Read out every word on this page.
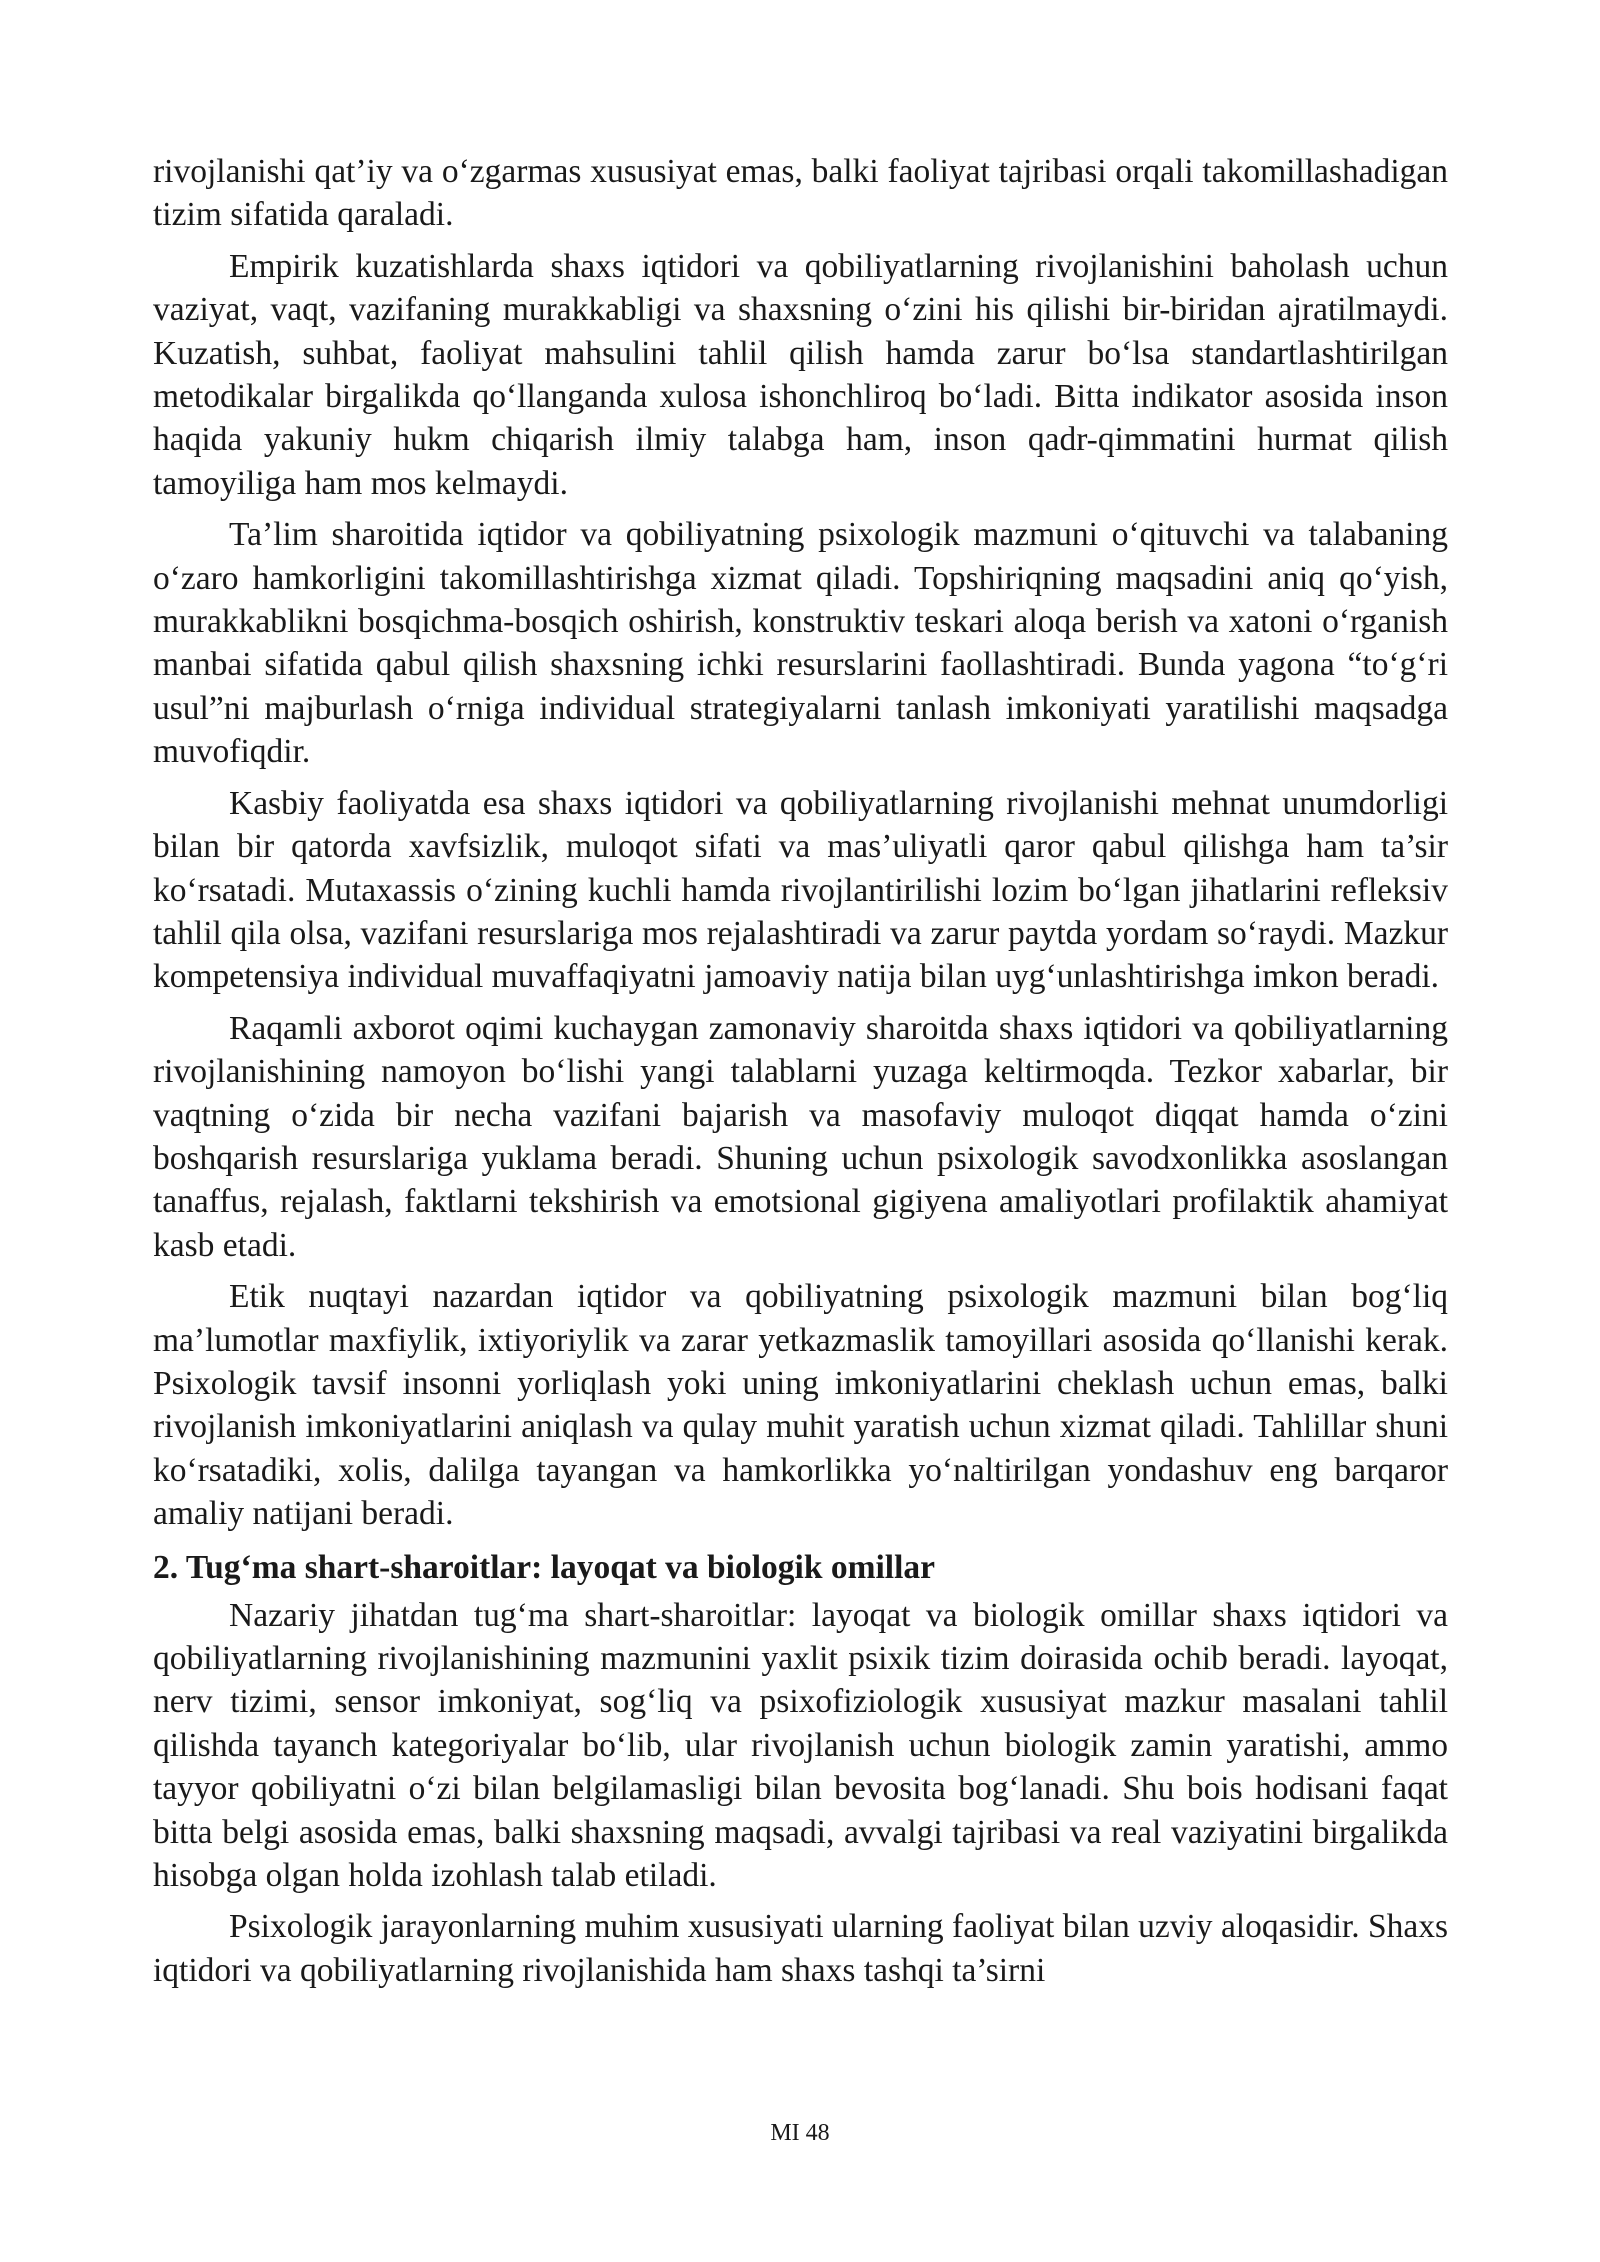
rivojlanishi qat’iy va o‘zgarmas xususiyat emas, balki faoliyat tajribasi orqali takomillashadigan tizim sifatida qaraladi.

Empirik kuzatishlarda shaxs iqtidori va qobiliyatlarning rivojlanishini baholash uchun vaziyat, vaqt, vazifaning murakkabligi va shaxsning o‘zini his qilishi bir-biridan ajratilmaydi. Kuzatish, suhbat, faoliyat mahsulini tahlil qilish hamda zarur bo‘lsa standartlashtirilgan metodikalar birgalikda qo‘llanganda xulosa ishonchliroq bo‘ladi. Bitta indikator asosida inson haqida yakuniy hukm chiqarish ilmiy talabga ham, inson qadr-qimmatini hurmat qilish tamoyiliga ham mos kelmaydi.

Ta’lim sharoitida iqtidor va qobiliyatning psixologik mazmuni o‘qituvchi va talabaning o‘zaro hamkorligini takomillashtirishga xizmat qiladi. Topshiriqning maqsadini aniq qo‘yish, murakkablikni bosqichma-bosqich oshirish, konstruktiv teskari aloqa berish va xatoni o‘rganish manbai sifatida qabul qilish shaxsning ichki resurslarini faollashtiradi. Bunda yagona “to‘g‘ri usul”ni majburlash o‘rniga individual strategiyalarni tanlash imkoniyati yaratilishi maqsadga muvofiqdir.

Kasbiy faoliyatda esa shaxs iqtidori va qobiliyatlarning rivojlanishi mehnat unumdorligi bilan bir qatorda xavfsizlik, muloqot sifati va mas’uliyatli qaror qabul qilishga ham ta’sir ko‘rsatadi. Mutaxassis o‘zining kuchli hamda rivojlantirilishi lozim bo‘lgan jihatlarini refleksiv tahlil qila olsa, vazifani resurslariga mos rejalashtiradi va zarur paytda yordam so‘raydi. Mazkur kompetensiya individual muvaffaqiyatni jamoaviy natija bilan uyg‘unlashtirishga imkon beradi.

Raqamli axborot oqimi kuchaygan zamonaviy sharoitda shaxs iqtidori va qobiliyatlarning rivojlanishining namoyon bo‘lishi yangi talablarni yuzaga keltirmoqda. Tezkor xabarlar, bir vaqtning o‘zida bir necha vazifani bajarish va masofaviy muloqot diqqat hamda o‘zini boshqarish resurslariga yuklama beradi. Shuning uchun psixologik savodxonlikka asoslangan tanaffus, rejalash, faktlarni tekshirish va emotsional gigiyena amaliyotlari profilaktik ahamiyat kasb etadi.

Etik nuqtayi nazardan iqtidor va qobiliyatning psixologik mazmuni bilan bog‘liq ma’lumotlar maxfiylik, ixtiyoriylik va zarar yetkazmaslik tamoyillari asosida qo‘llanishi kerak. Psixologik tavsif insonni yorliqlash yoki uning imkoniyatlarini cheklash uchun emas, balki rivojlanish imkoniyatlarini aniqlash va qulay muhit yaratish uchun xizmat qiladi. Tahlillar shuni ko‘rsatadiki, xolis, dalilga tayangan va hamkorlikka yo‘naltirilgan yondashuv eng barqaror amaliy natijani beradi.

2. Tug‘ma shart-sharoitlar: layoqat va biologik omillar

Nazariy jihatdan tug‘ma shart-sharoitlar: layoqat va biologik omillar shaxs iqtidori va qobiliyatlarning rivojlanishining mazmunini yaxlit psixik tizim doirasida ochib beradi. layoqat, nerv tizimi, sensor imkoniyat, sog‘liq va psixofiziologik xususiyat mazkur masalani tahlil qilishda tayanch kategoriyalar bo‘lib, ular rivojlanish uchun biologik zamin yaratishi, ammo tayyor qobiliyatni o‘zi bilan belgilamasligi bilan bevosita bog‘lanadi. Shu bois hodisani faqat bitta belgi asosida emas, balki shaxsning maqsadi, avvalgi tajribasi va real vaziyatini birgalikda hisobga olgan holda izohlash talab etiladi.

Psixologik jarayonlarning muhim xususiyati ularning faoliyat bilan uzviy aloqasidir. Shaxs iqtidori va qobiliyatlarning rivojlanishida ham shaxs tashqi ta’sirni

MI 48
